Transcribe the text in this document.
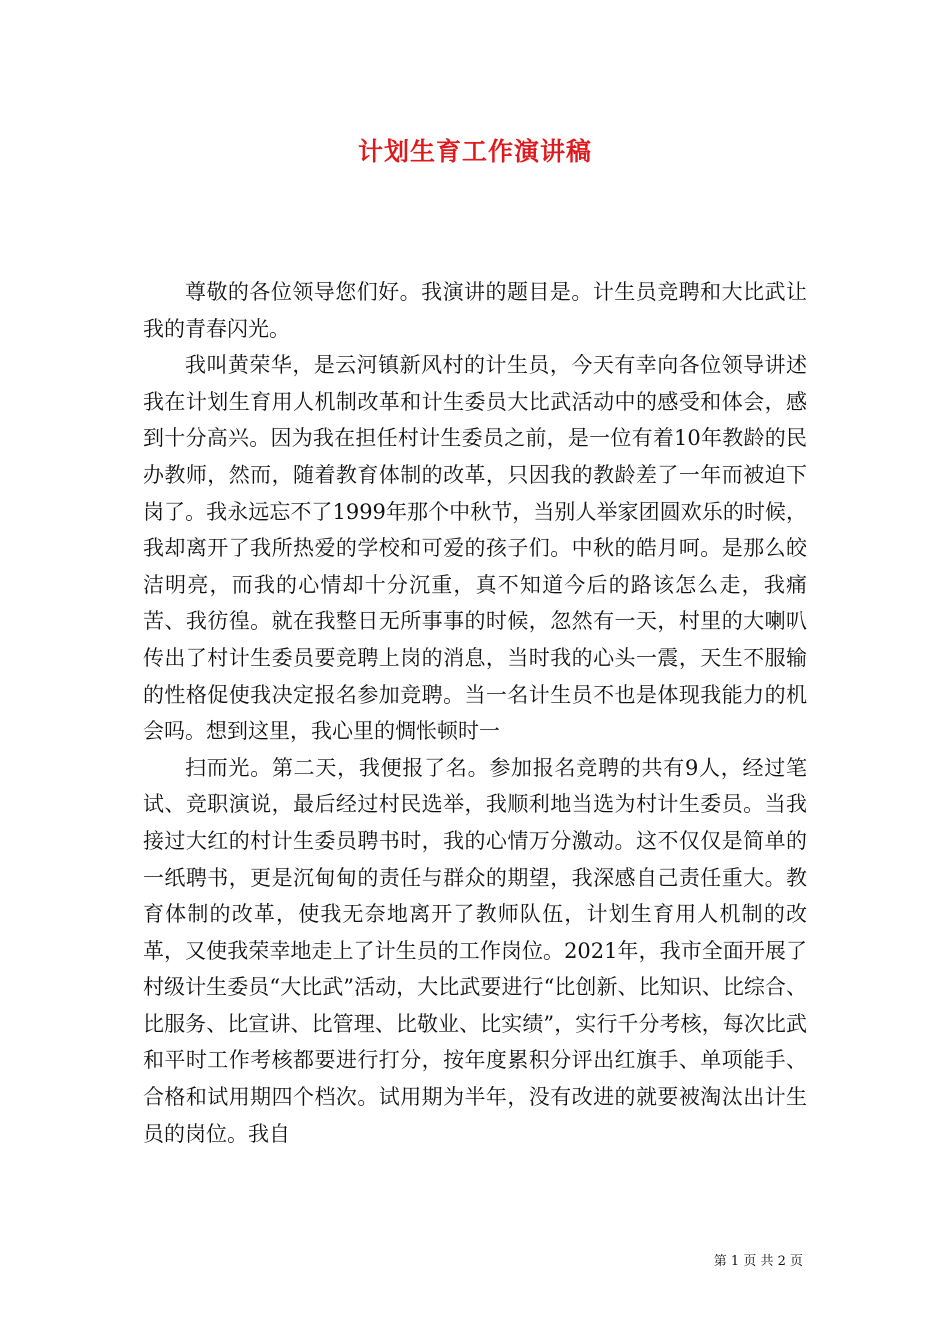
计划生育工作演讲稿

尊敬的各位领导您们好。我演讲的题目是。计生员竞聘和大比武让我的青春闪光。

我叫黄荣华，是云河镇新风村的计生员，今天有幸向各位领导讲述我在计划生育用人机制改革和计生委员大比武活动中的感受和体会，感到十分高兴。因为我在担任村计生委员之前，是一位有着10年教龄的民办教师，然而，随着教育体制的改革，只因我的教龄差了一年而被迫下岗了。我永远忘不了1999年那个中秋节，当别人举家团圆欢乐的时候，我却离开了我所热爱的学校和可爱的孩子们。中秋的皓月呵。是那么皎洁明亮，而我的心情却十分沉重，真不知道今后的路该怎么走，我痛苦、我彷徨。就在我整日无所事事的时候，忽然有一天，村里的大喇叭传出了村计生委员要竞聘上岗的消息，当时我的心头一震，天生不服输的性格促使我决定报名参加竞聘。当一名计生员不也是体现我能力的机会吗。想到这里，我心里的惆怅顿时一

扫而光。第二天，我便报了名。参加报名竞聘的共有9人，经过笔试、竞职演说，最后经过村民选举，我顺利地当选为村计生委员。当我接过大红的村计生委员聘书时，我的心情万分激动。这不仅仅是简单的一纸聘书，更是沉甸甸的责任与群众的期望，我深感自己责任重大。教育体制的改革，使我无奈地离开了教师队伍，计划生育用人机制的改革，又使我荣幸地走上了计生员的工作岗位。2021年，我市全面开展了村级计生委员“大比武”活动，大比武要进行“比创新、比知识、比综合、比服务、比宣讲、比管理、比敬业、比实绩”，实行千分考核，每次比武和平时工作考核都要进行打分，按年度累积分评出红旗手、单项能手、合格和试用期四个档次。试用期为半年，没有改进的就要被淘汰出计生员的岗位。我自

第 1 页 共 2 页
